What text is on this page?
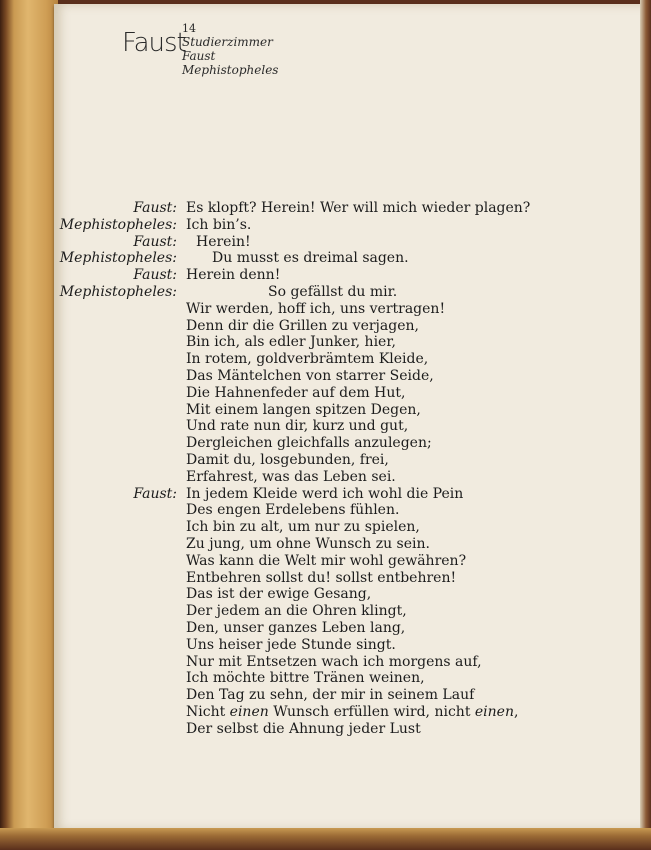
Faust
14
Studierzimmer
Faust
Mephistopheles
Faust: Es klopft? Herein! Wer will mich wieder plagen?
Mephistopheles: Ich bin’s.
Faust: Herein!
Mephistopheles:	Du musst es dreimal sagen.
Faust: Herein denn!
Mephistopheles:	So gefällst du mir.
Wir werden, hoff ich, uns vertragen!
Denn dir die Grillen zu verjagen,
Bin ich, als edler Junker, hier,
In rotem, goldverbrämtem Kleide,
Das Mäntelchen von starrer Seide,
Die Hahnenfeder auf dem Hut,
Mit einem langen spitzen Degen,
Und rate nun dir, kurz und gut,
Dergleichen gleichfalls anzulegen;
Damit du, losgebunden, frei,
Erfahrest, was das Leben sei.
Faust: In jedem Kleide werd ich wohl die Pein
Des engen Erdelebens fühlen.
Ich bin zu alt, um nur zu spielen,
Zu jung, um ohne Wunsch zu sein.
Was kann die Welt mir wohl gewähren?
Entbehren sollst du! sollst entbehren!
Das ist der ewige Gesang,
Der jedem an die Ohren klingt,
Den, unser ganzes Leben lang,
Uns heiser jede Stunde singt.
Nur mit Entsetzen wach ich morgens auf,
Ich möchte bittre Tränen weinen,
Den Tag zu sehn, der mir in seinem Lauf
Nicht einen Wunsch erfüllen wird, nicht einen,
Der selbst die Ahnung jeder Lust
